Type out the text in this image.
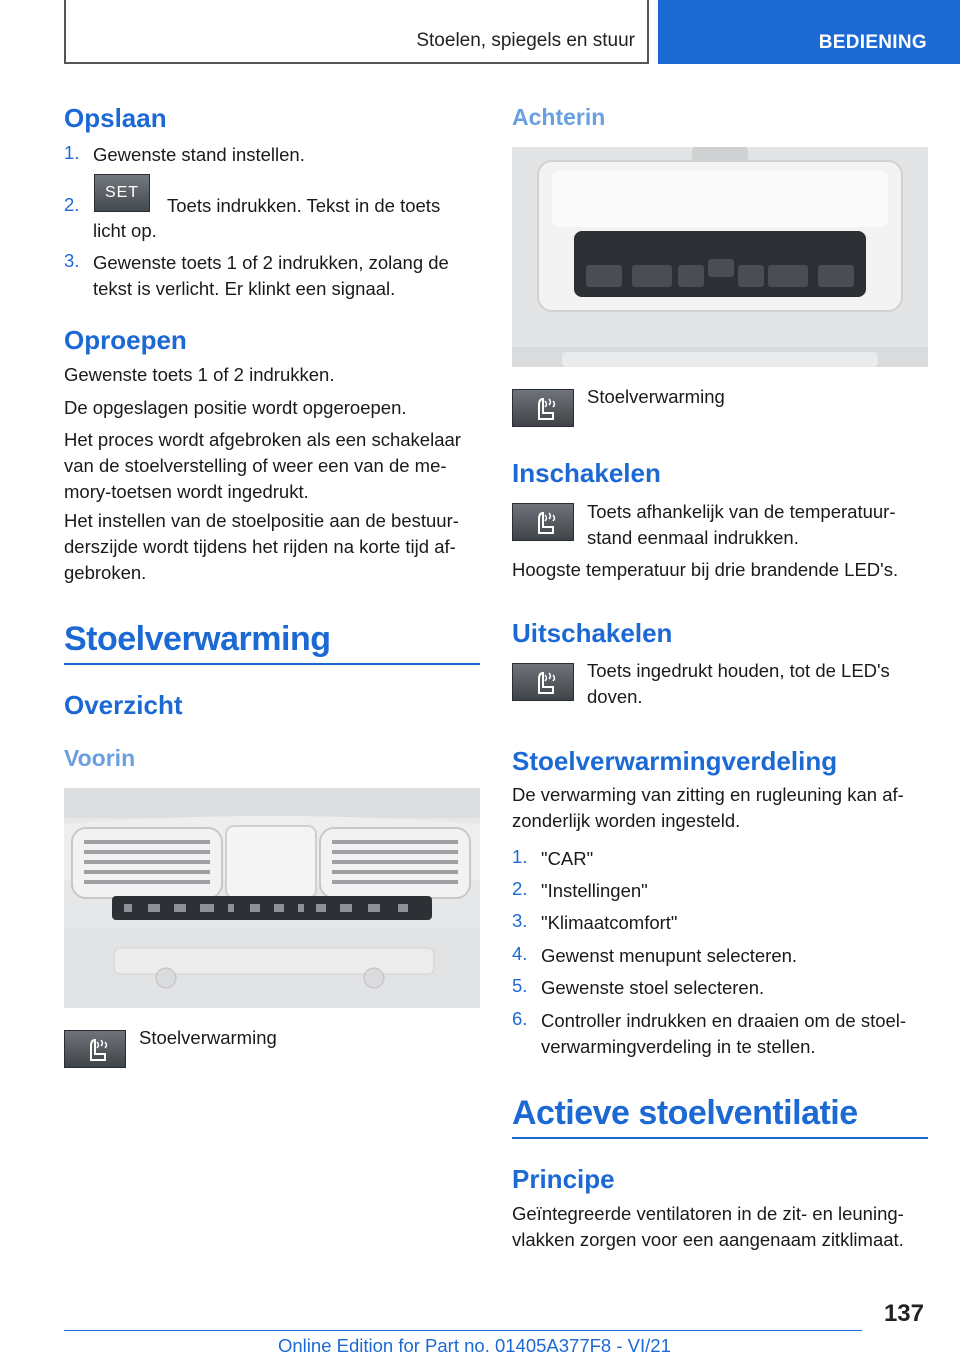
Stoelen, spiegels en stuur	BEDIENING
Opslaan
1. Gewenste stand instellen.
2.
SET
Toets indrukken. Tekst in de toets
licht op.
3. Gewenste toets 1 of 2 indrukken, zolang de
tekst is verlicht. Er klinkt een signaal.
Oproepen

Gewenste toets 1 of 2 indrukken.

De opgeslagen positie wordt opgeroepen.

Het proces wordt afgebroken als een schakelaar

van de stoelverstelling of weer een van de me‐

mory-toetsen wordt ingedrukt.

Het instellen van de stoelpositie aan de bestuur‐

derszijde wordt tijdens het rijden na korte tijd af‐

gebroken.

Stoelverwarming
Overzicht
Voorin
Stoelverwarming
Achterin
Stoelverwarming
Inschakelen

Toets afhankelijk van de temperatuur‐

stand eenmaal indrukken.

Hoogste temperatuur bij drie brandende LED's.

Uitschakelen

Toets ingedrukt houden, tot de LED's

doven.

Stoelverwarmingverdeling

De verwarming van zitting en rugleuning kan af‐

zonderlijk worden ingesteld.

1. "CAR"
2. "Instellingen"
3. "Klimaatcomfort"
4. Gewenst menupunt selecteren.
5. Gewenste stoel selecteren.
6. Controller indrukken en draaien om de stoel‐
verwarmingverdeling in te stellen.
Actieve stoelventilatie
Principe

Geïntegreerde ventilatoren in de zit- en leuning‐

vlakken zorgen voor een aangenaam zitklimaat.

137
Online Edition for Part no. 01405A377F8 - VI/21
